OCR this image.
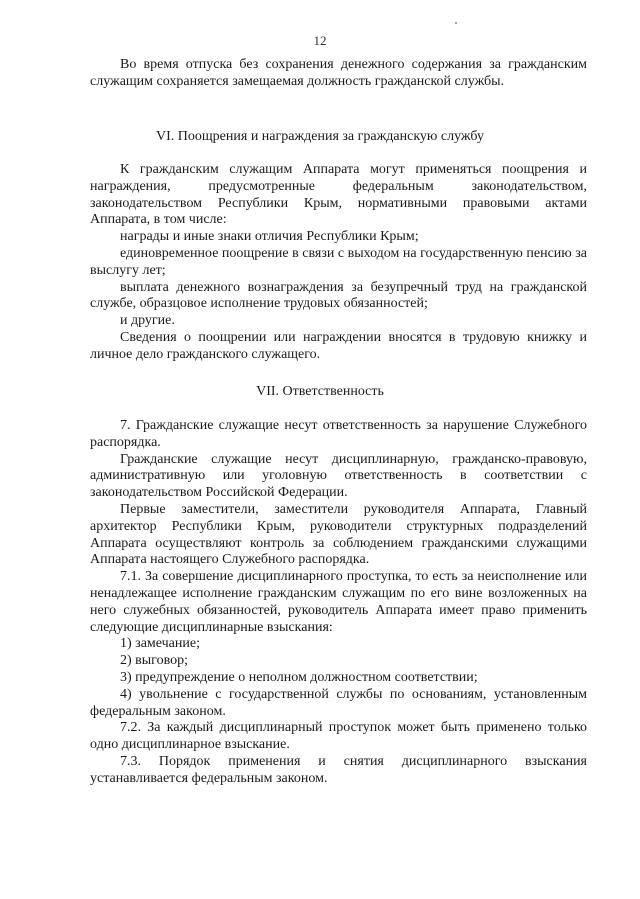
12

Во время отпуска без сохранения денежного содержания за гражданским служащим сохраняется замещаемая должность гражданской службы.

VI. Поощрения и награждения за гражданскую службу

К гражданским служащим Аппарата могут применяться поощрения и награждения, предусмотренные федеральным законодательством, законодательством Республики Крым, нормативными правовыми актами Аппарата, в том числе:

награды и иные знаки отличия Республики Крым;

единовременное поощрение в связи с выходом на государственную пенсию за выслугу лет;

выплата денежного вознаграждения за безупречный труд на гражданской службе, образцовое исполнение трудовых обязанностей;

и другие.

Сведения о поощрении или награждении вносятся в трудовую книжку и личное дело гражданского служащего.

VII. Ответственность

7. Гражданские служащие несут ответственность за нарушение Служебного распорядка.

Гражданские служащие несут дисциплинарную, гражданско-правовую, административную или уголовную ответственность в соответствии с законодательством Российской Федерации.

Первые заместители, заместители руководителя Аппарата, Главный архитектор Республики Крым, руководители структурных подразделений Аппарата осуществляют контроль за соблюдением гражданскими служащими Аппарата настоящего Служебного распорядка.

7.1. За совершение дисциплинарного проступка, то есть за неисполнение или ненадлежащее исполнение гражданским служащим по его вине возложенных на него служебных обязанностей, руководитель Аппарата имеет право применить следующие дисциплинарные взыскания:

1) замечание;

2) выговор;

3) предупреждение о неполном должностном соответствии;

4) увольнение с государственной службы по основаниям, установленным федеральным законом.

7.2. За каждый дисциплинарный проступок может быть применено только одно дисциплинарное взыскание.

7.3. Порядок применения и снятия дисциплинарного взыскания устанавливается федеральным законом.
